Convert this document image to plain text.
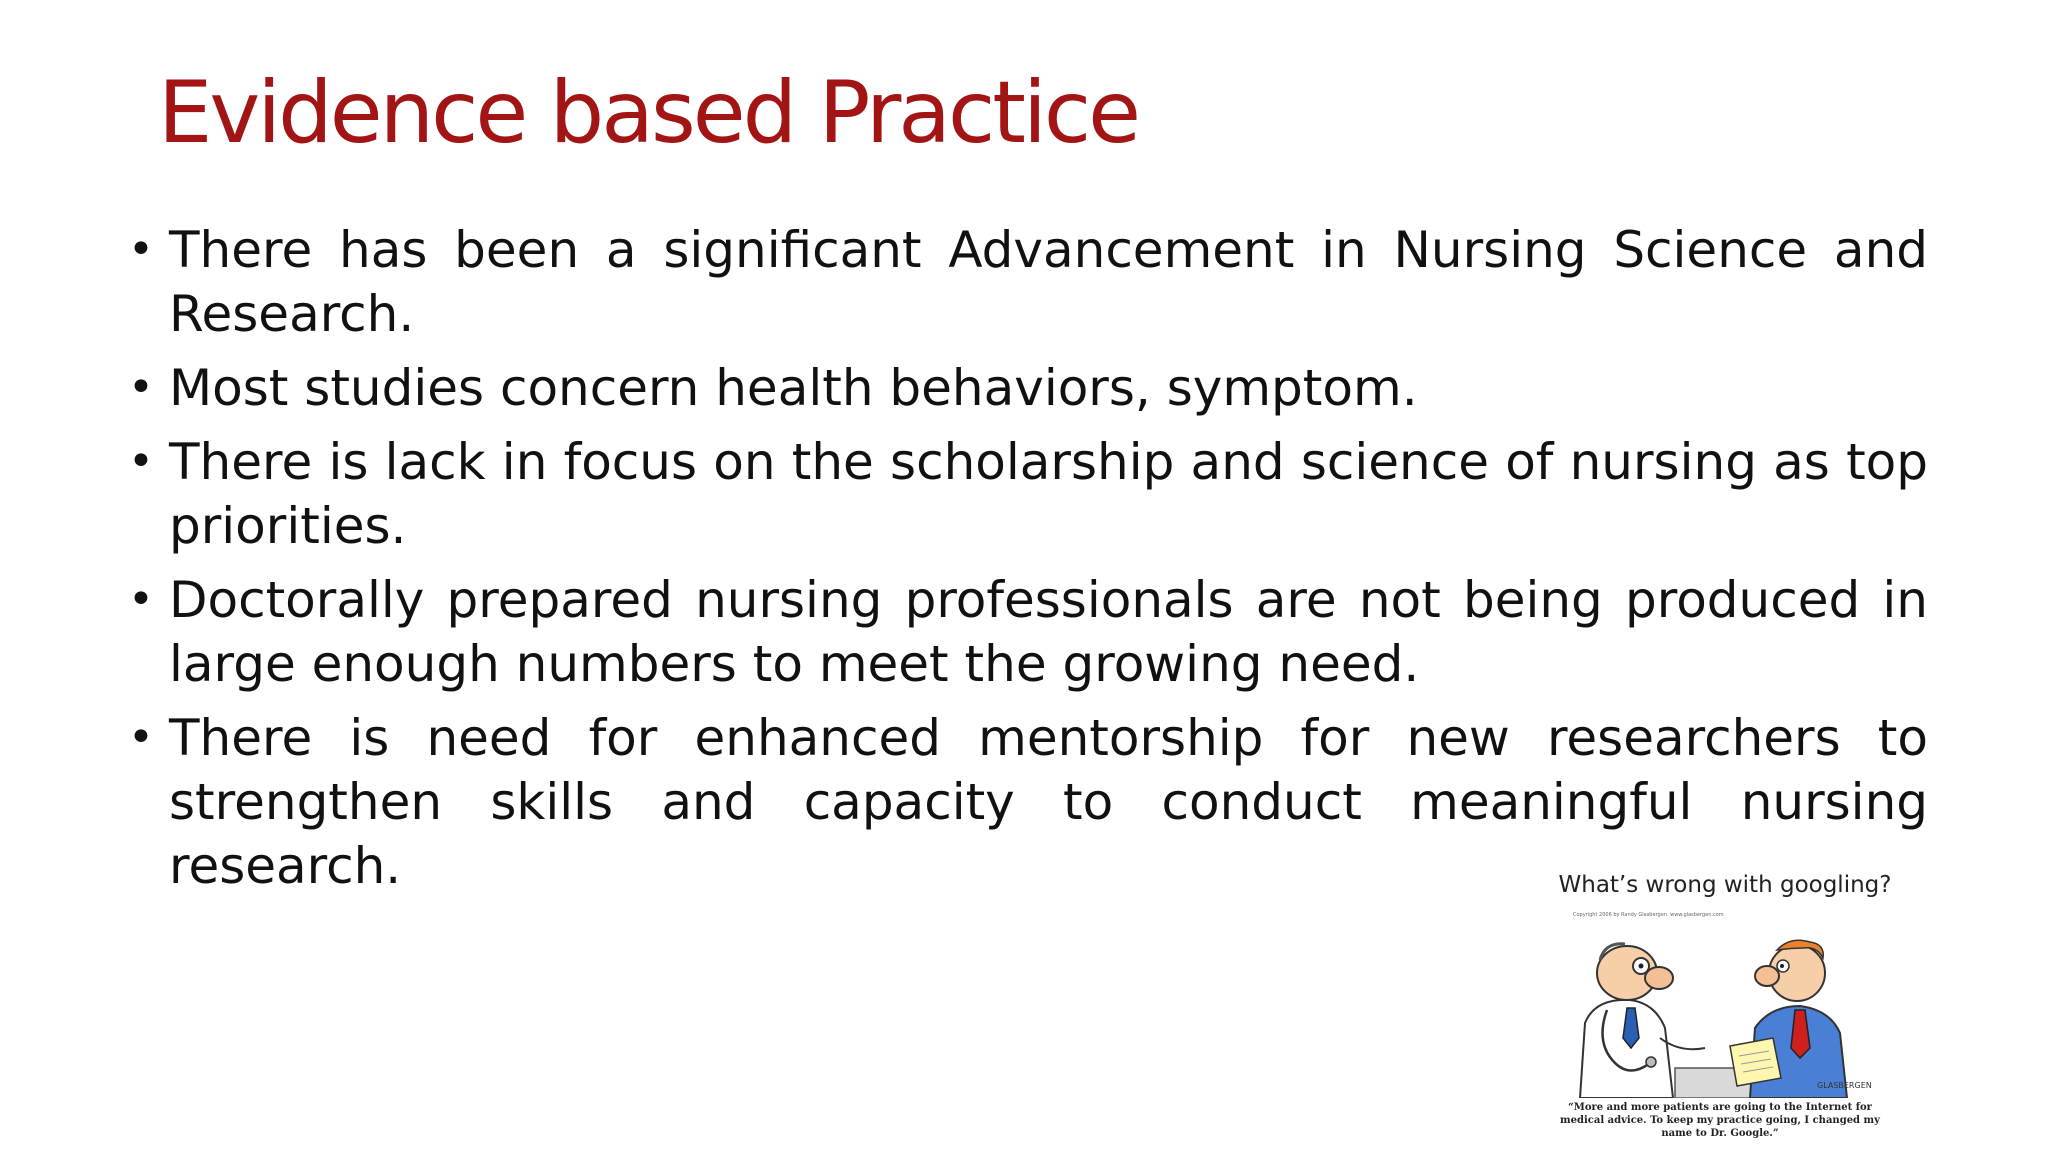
Evidence based Practice
• There has been a significant Advancement in Nursing Science and Research.
• Most studies concern health behaviors, symptom.
• There is lack in focus on the scholarship and science of nursing as top priorities.
• Doctorally prepared nursing professionals are not being produced in large enough numbers to meet the growing need.
• There is need for enhanced mentorship for new researchers to strengthen skills and capacity to conduct meaningful nursing research.	What’s wrong with googling?
Copyright 2006 by Randy Glasbergen. www.glasbergen.com
GLASBERGEN
“More and more patients are going to the Internet for medical advice. To keep my practice going, I changed my name to Dr. Google.”
